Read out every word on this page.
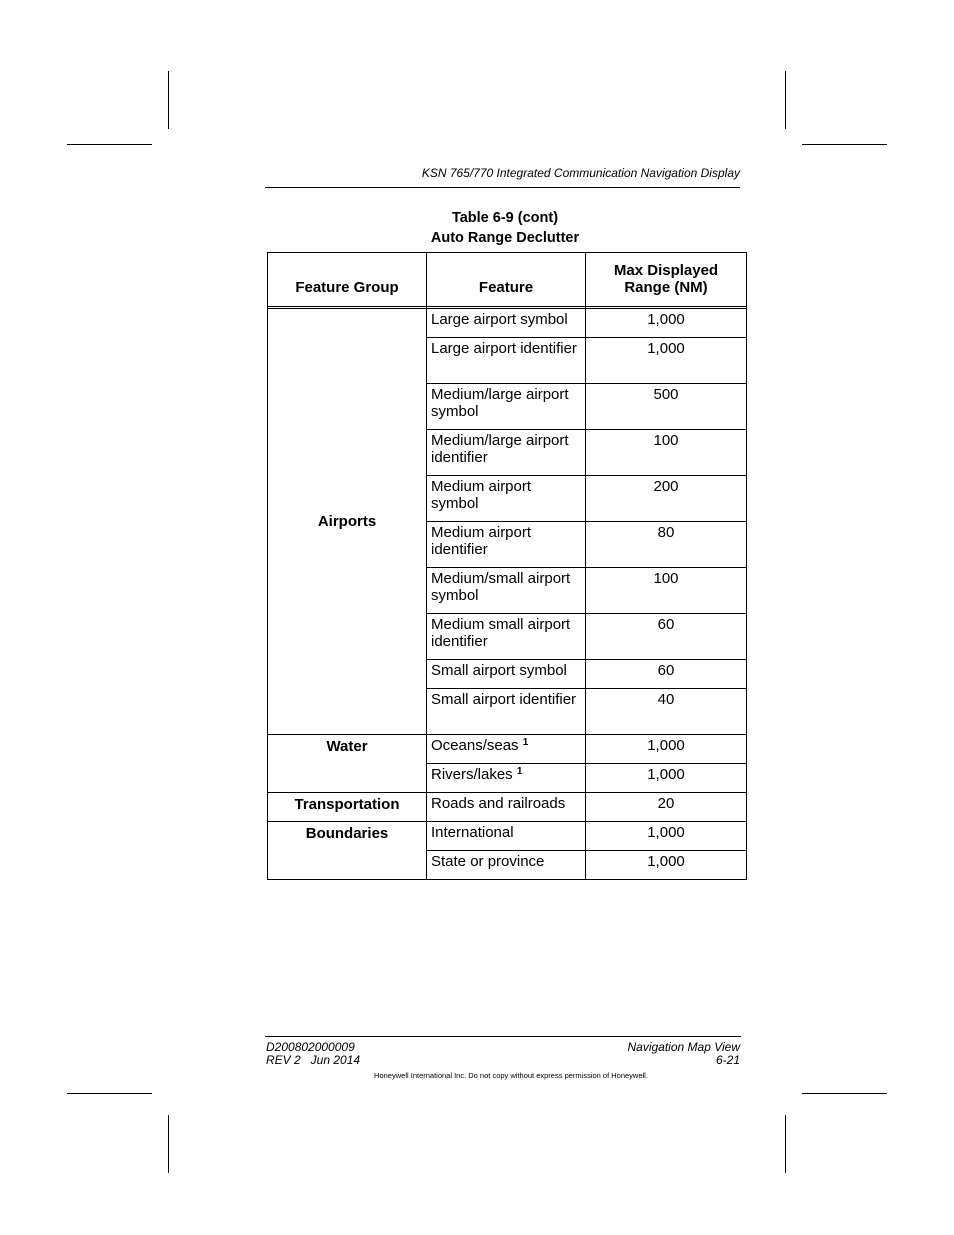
KSN 765/770 Integrated Communication Navigation Display
Table 6-9 (cont)
Auto Range Declutter
Feature Group	Feature	Max Displayed Range (NM)

Airports	Large airport symbol	1,000
	Large airport identifier	1,000
	Medium/large airport symbol	500
	Medium/large airport identifier	100
	Medium airport symbol	200
	Medium airport identifier	80
	Medium/small airport symbol	100
	Medium small airport identifier	60
	Small airport symbol	60
	Small airport identifier	40
Water	Oceans/seas $^1$	1,000
	Rivers/lakes $^1$	1,000
Transportation	Roads and railroads	20
Boundaries	International	1,000
	State or province	1,000
D200802000009
REV 2   Jun 2014
Navigation Map View
6-21
Honeywell International Inc. Do not copy without express permission of Honeywell.
